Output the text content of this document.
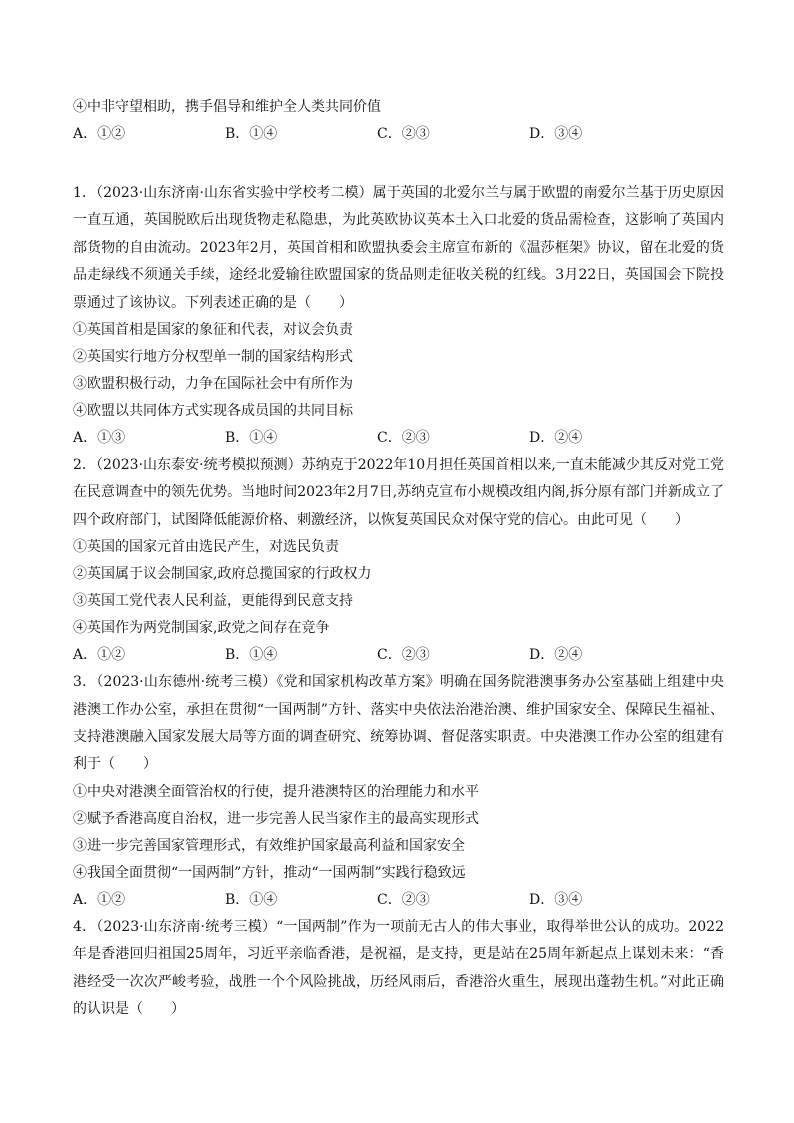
④中非守望相助，携手倡导和维护全人类共同价值
A．①②	B．①④	C．②③	D．③④
1．（2023·山东济南·山东省实验中学校考二模）属于英国的北爱尔兰与属于欧盟的南爱尔兰基于历史原因一直互通，英国脱欧后出现货物走私隐患，为此英欧协议英本土入口北爱的货品需检查，这影响了英国内部货物的自由流动。2023年2月，英国首相和欧盟执委会主席宣布新的《温莎框架》协议，留在北爱的货品走绿线不须通关手续，途经北爱输往欧盟国家的货品则走征收关税的红线。3月22日，英国国会下院投票通过了该协议。下列表述正确的是（　　）
①英国首相是国家的象征和代表，对议会负责
②英国实行地方分权型单一制的国家结构形式
③欧盟积极行动，力争在国际社会中有所作为
④欧盟以共同体方式实现各成员国的共同目标
A．①③	B．①④	C．②③	D．②④
2．（2023·山东泰安·统考模拟预测）苏纳克于2022年10月担任英国首相以来,一直未能减少其反对党工党在民意调查中的领先优势。当地时间2023年2月7日,苏纳克宣布小规模改组内阁,拆分原有部门并新成立了四个政府部门，试图降低能源价格、刺激经济，以恢复英国民众对保守党的信心。由此可见（　　）
①英国的国家元首由选民产生，对选民负责
②英国属于议会制国家,政府总揽国家的行政权力
③英国工党代表人民利益，更能得到民意支持
④英国作为两党制国家,政党之间存在竞争
A．①②	B．①④	C．②③	D．②④
3．（2023·山东德州·统考三模）《党和国家机构改革方案》明确在国务院港澳事务办公室基础上组建中央港澳工作办公室，承担在贯彻“一国两制”方针、落实中央依法治港治澳、维护国家安全、保障民生福祉、支持港澳融入国家发展大局等方面的调查研究、统筹协调、督促落实职责。中央港澳工作办公室的组建有利于（　　）
①中央对港澳全面管治权的行使，提升港澳特区的治理能力和水平
②赋予香港高度自治权，进一步完善人民当家作主的最高实现形式
③进一步完善国家管理形式，有效维护国家最高利益和国家安全
④我国全面贯彻“一国两制”方针，推动“一国两制”实践行稳致远
A．①②	B．①④	C．②③	D．③④
4．（2023·山东济南·统考三模）“一国两制”作为一项前无古人的伟大事业，取得举世公认的成功。2022年是香港回归祖国25周年，习近平亲临香港，是祝福，是支持，更是站在25周年新起点上谋划未来：“香港经受一次次严峻考验，战胜一个个风险挑战，历经风雨后，香港浴火重生，展现出蓬勃生机。”对此正确的认识是（　　）
